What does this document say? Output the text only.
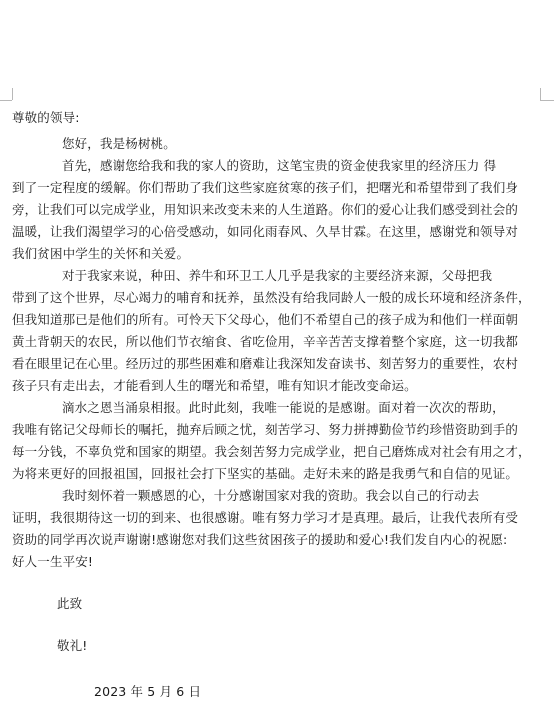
尊敬的领导:
您好，我是杨树桃。
首先，感谢您给我和我的家人的资助，这笔宝贵的资金使我家里的经济压力 得
到了一定程度的缓解。你们帮助了我们这些家庭贫寒的孩子们，把曙光和希望带到了我们身
旁，让我们可以完成学业，用知识来改变未来的人生道路。你们的爱心让我们感受到社会的
温暖，让我们渴望学习的心倍受感动，如同化雨春风、久旱甘霖。在这里，感谢党和领导对
我们贫困中学生的关怀和关爱。
对于我家来说，种田、养牛和环卫工人几乎是我家的主要经济来源，父母把我
带到了这个世界，尽心竭力的哺育和抚养，虽然没有给我同龄人一般的成长环境和经济条件，
但我知道那已是他们的所有。可怜天下父母心，他们不希望自己的孩子成为和他们一样面朝
黄土背朝天的农民，所以他们节衣缩食、省吃俭用，辛辛苦苦支撑着整个家庭，这一切我都
看在眼里记在心里。经历过的那些困难和磨难让我深知发奋读书、刻苦努力的重要性，农村
孩子只有走出去，才能看到人生的曙光和希望，唯有知识才能改变命运。
滴水之恩当涌泉相报。此时此刻，我唯一能说的是感谢。面对着一次次的帮助，
我唯有铭记父母师长的嘱托，抛弃后顾之忧，刻苦学习、努力拼搏勤俭节约珍惜资助到手的
每一分钱，不辜负党和国家的期望。我会刻苦努力完成学业，把自己磨炼成对社会有用之才，
为将来更好的回报祖国，回报社会打下坚实的基础。走好未来的路是我勇气和自信的见证。
我时刻怀着一颗感恩的心，十分感谢国家对我的资助。我会以自己的行动去
证明，我很期待这一切的到来、也很感谢。唯有努力学习才是真理。最后，让我代表所有受
资助的同学再次说声谢谢!感谢您对我们这些贫困孩子的援助和爱心!我们发自内心的祝愿:
好人一生平安!
此致
敬礼!
2023 年 5 月 6 日
